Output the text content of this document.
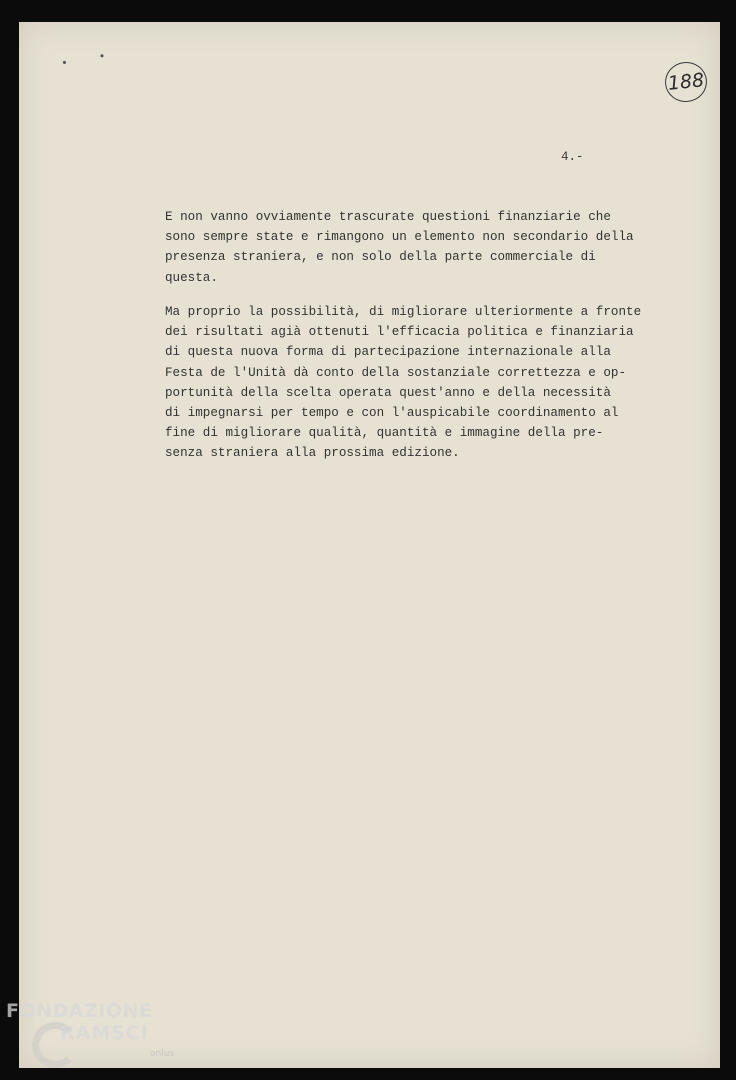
• •
188
4.-

E non vanno ovviamente trascurate questioni finanziarie che
sono sempre state e rimangono un elemento non secondario della
presenza straniera, e non solo della parte commerciale di
questa.

Ma proprio la possibilità, di migliorare ulteriormente a fronte
dei risultati agià ottenuti l'efficacia politica e finanziaria
di questa nuova forma di partecipazione internazionale alla
Festa de l'Unità dà conto della sostanziale correttezza e op-
portunità della scelta operata quest'anno e della necessità
di impegnarsi per tempo e con l'auspicabile coordinamento al
fine di migliorare qualità, quantità e immagine della pre-
senza straniera alla prossima edizione.

FONDAZIONE
RAMSCI
onlus
